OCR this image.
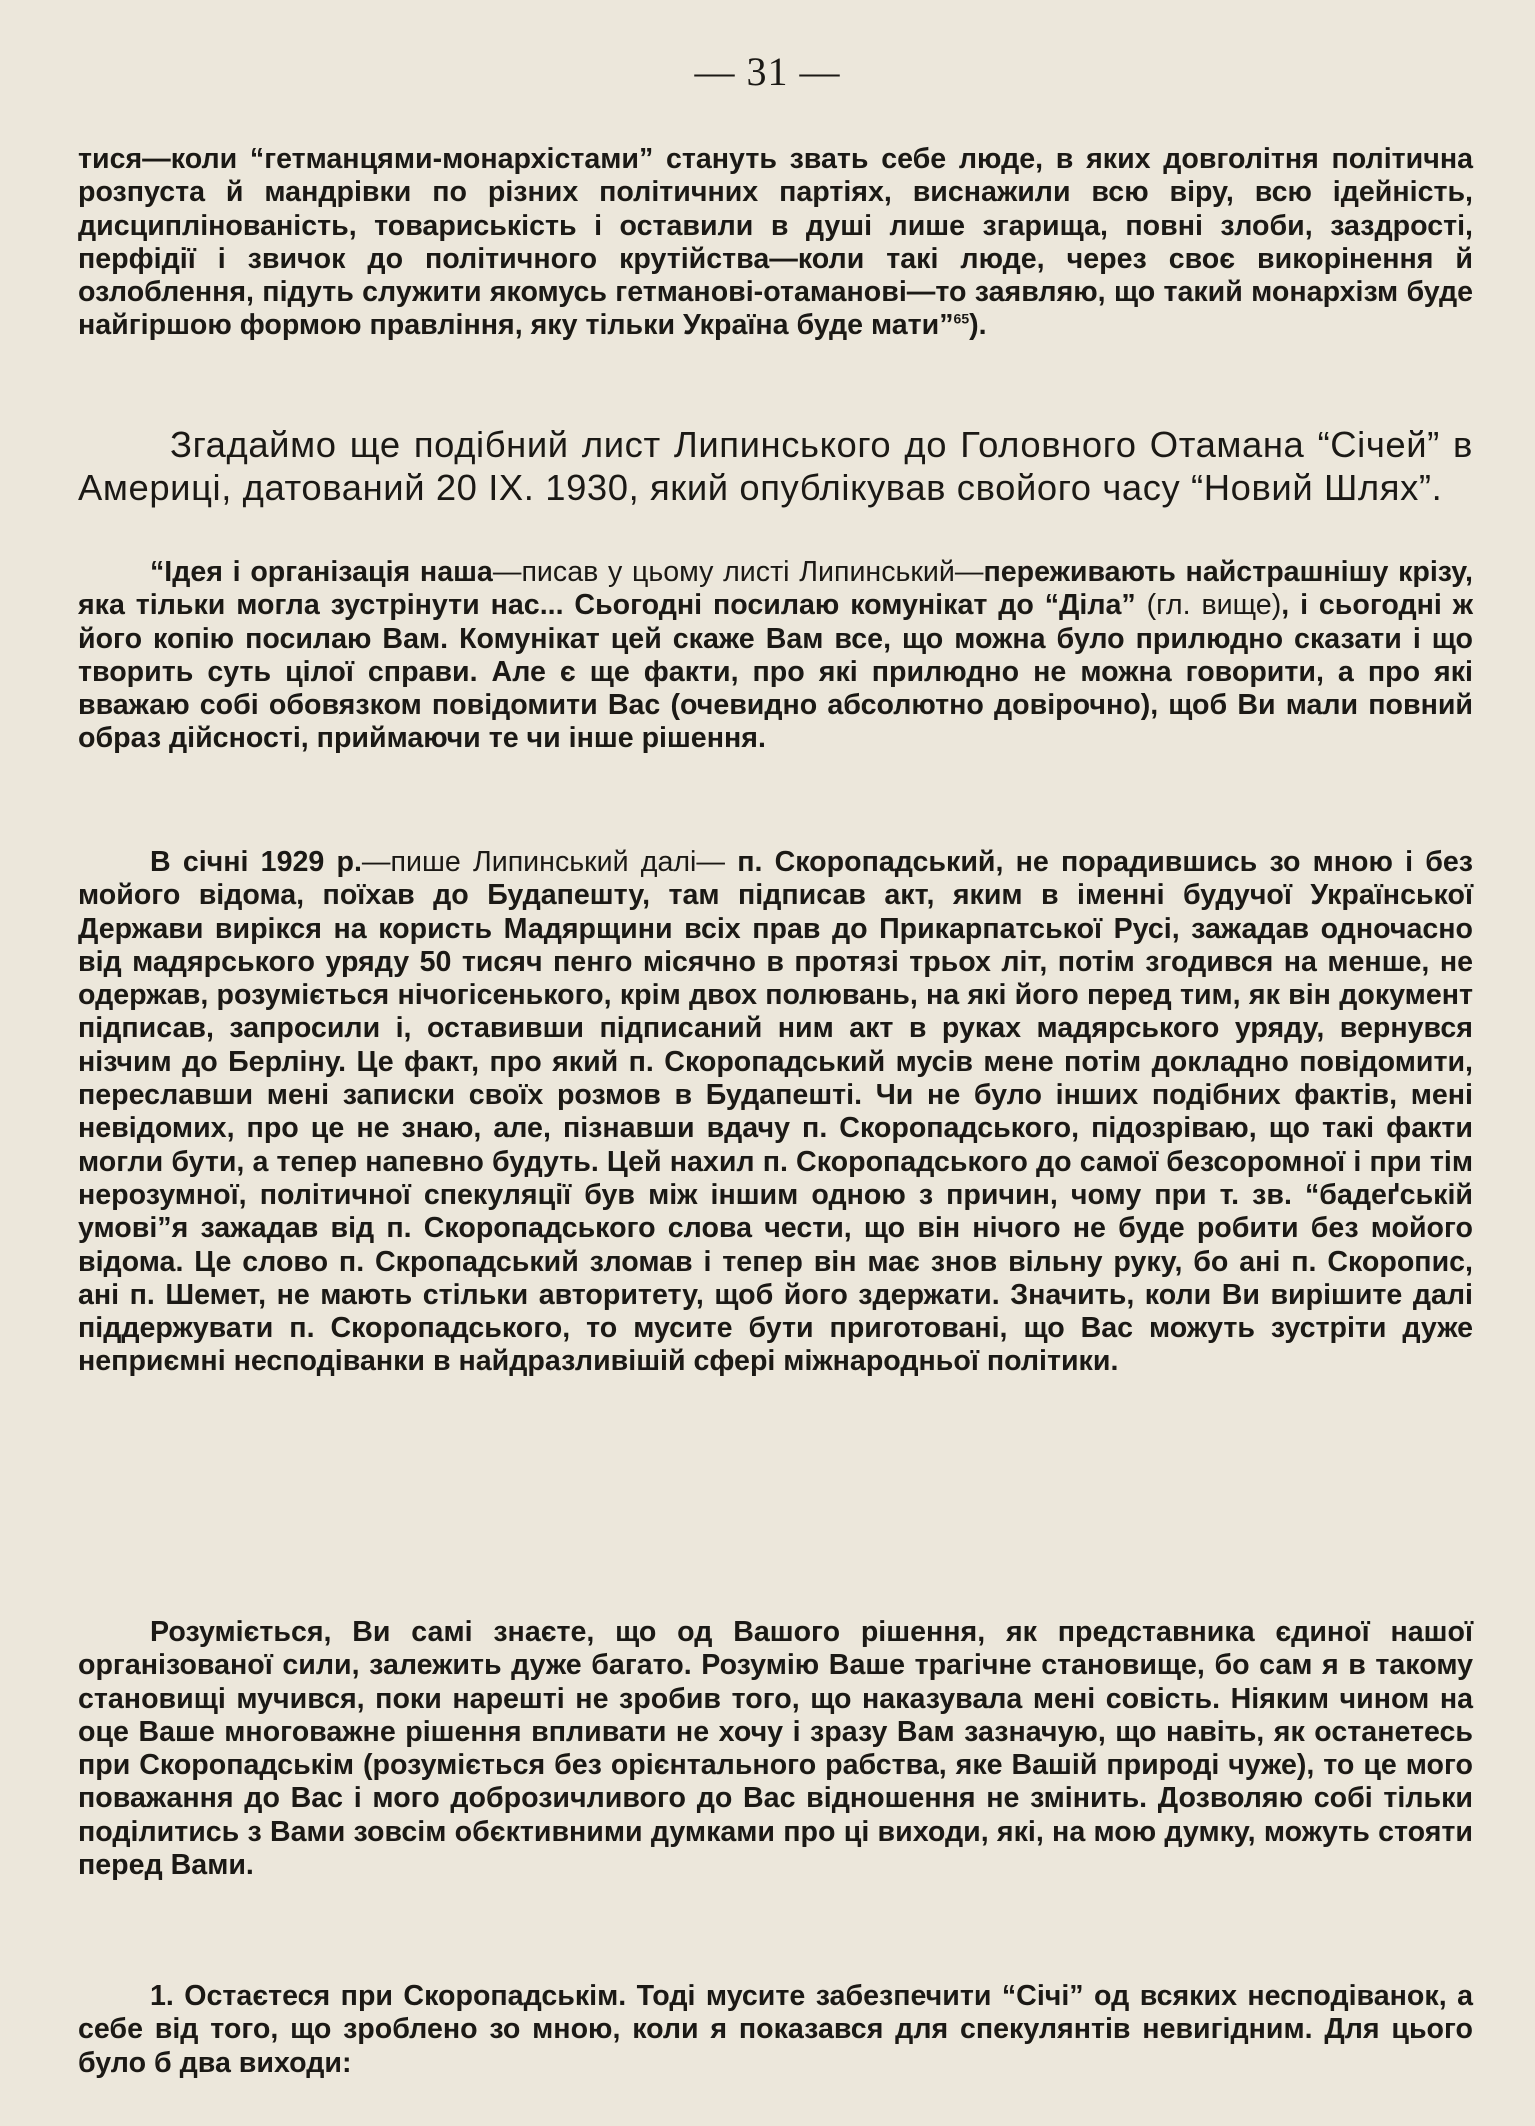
— 31 —

тися—коли “гетманцями-монархістами” стануть звать себе люде, в яких довголітня політична розпуста й мандрівки по різних політичних партіях, виснажили всю віру, всю ідейність, дисциплінованість, товариськість і оставили в душі лише згарища, повні злоби, заздрості, перфідії і звичок до політичного крутійства—коли такі люде, через своє викорінення й озлоблення, підуть служити якомусь гетманові-отаманові—то заявляю, що такий монархізм буде найгіршою формою правління, яку тільки Україна буде мати”$^{65}$).

Згадаймо ще подібний лист Липинського до Головного Отамана “Січей” в Америці, датований 20 IX. 1930, який опублікував свойого часу “Новий Шлях”.

“Ідея і організація наша—писав у цьому листі Липинський—переживають найстрашнішу крізу, яка тільки могла зустрінути нас... Сьогодні посилаю комунікат до “Діла” (гл. вище), і сьогодні ж його копію посилаю Вам. Комунікат цей скаже Вам все, що можна було прилюдно сказати і що творить суть цілої справи. Але є ще факти, про які прилюдно не можна говорити, а про які вважаю собі обовязком повідомити Вас (очевидно абсолютно довірочно), щоб Ви мали повний образ дійсності, приймаючи те чи інше рішення.

В січні 1929 р.—пише Липинський далі— п. Скоропадський, не порадившись зо мною і без мойого відома, поїхав до Будапешту, там підписав акт, яким в іменні будучої Української Держави вирікся на користь Мадярщини всіх прав до Прикарпатської Русі, зажадав одночасно від мадярського уряду 50 тисяч пенго місячно в протязі трьох літ, потім згодився на менше, не одержав, розуміється нічогісенького, крім двох полювань, на які його перед тим, як він документ підписав, запросили і, оставивши підписаний ним акт в руках мадярського уряду, вернувся нізчим до Берліну. Це факт, про який п. Скоропадський мусів мене потім докладно повідомити, переславши мені записки своїх розмов в Будапешті. Чи не було інших подібних фактів, мені невідомих, про це не знаю, але, пізнавши вдачу п. Скоропадського, підозріваю, що такі факти могли бути, а тепер напевно будуть. Цей нахил п. Скоропадського до самої безсоромної і при тім нерозумної, політичної спекуляції був між іншим одною з причин, чому при т. зв. “бадеґській умові”я зажадав від п. Скоропадського слова чести, що він нічого не буде робити без мойого відома. Це слово п. Скропадський зломав і тепер він має знов вільну руку, бо ані п. Скоропис, ані п. Шемет, не мають стільки авторитету, щоб його здержати. Значить, коли Ви вирішите далі піддержувати п. Скоропадського, то мусите бути приготовані, що Вас можуть зустріти дуже неприємні несподіванки в найдразливішій сфері міжнародньої політики.

Розуміється, Ви самі знаєте, що од Вашого рішення, як представника єдиної нашої організованої сили, залежить дуже багато. Розумію Ваше трагічне становище, бо сам я в такому становищі мучився, поки нарешті не зробив того, що наказувала мені совість. Ніяким чином на оце Ваше многоважне рішення впливати не хочу і зразу Вам зазначую, що навіть, як останетесь при Скоропадськім (розуміється без орієнтального рабства, яке Вашій природі чуже), то це мого поважання до Вас і мого доброзичливого до Вас відношення не змінить. Дозволяю собі тільки поділитись з Вами зовсім обєктивними думками про ці виходи, які, на мою думку, можуть стояти перед Вами.

1. Остаєтеся при Скоропадськім. Тоді мусите забезпечити “Січі” од всяких несподіванок, а себе від того, що зроблено зо мною, коли я показався для спекулянтів невигідним. Для цього було б два виходи:
